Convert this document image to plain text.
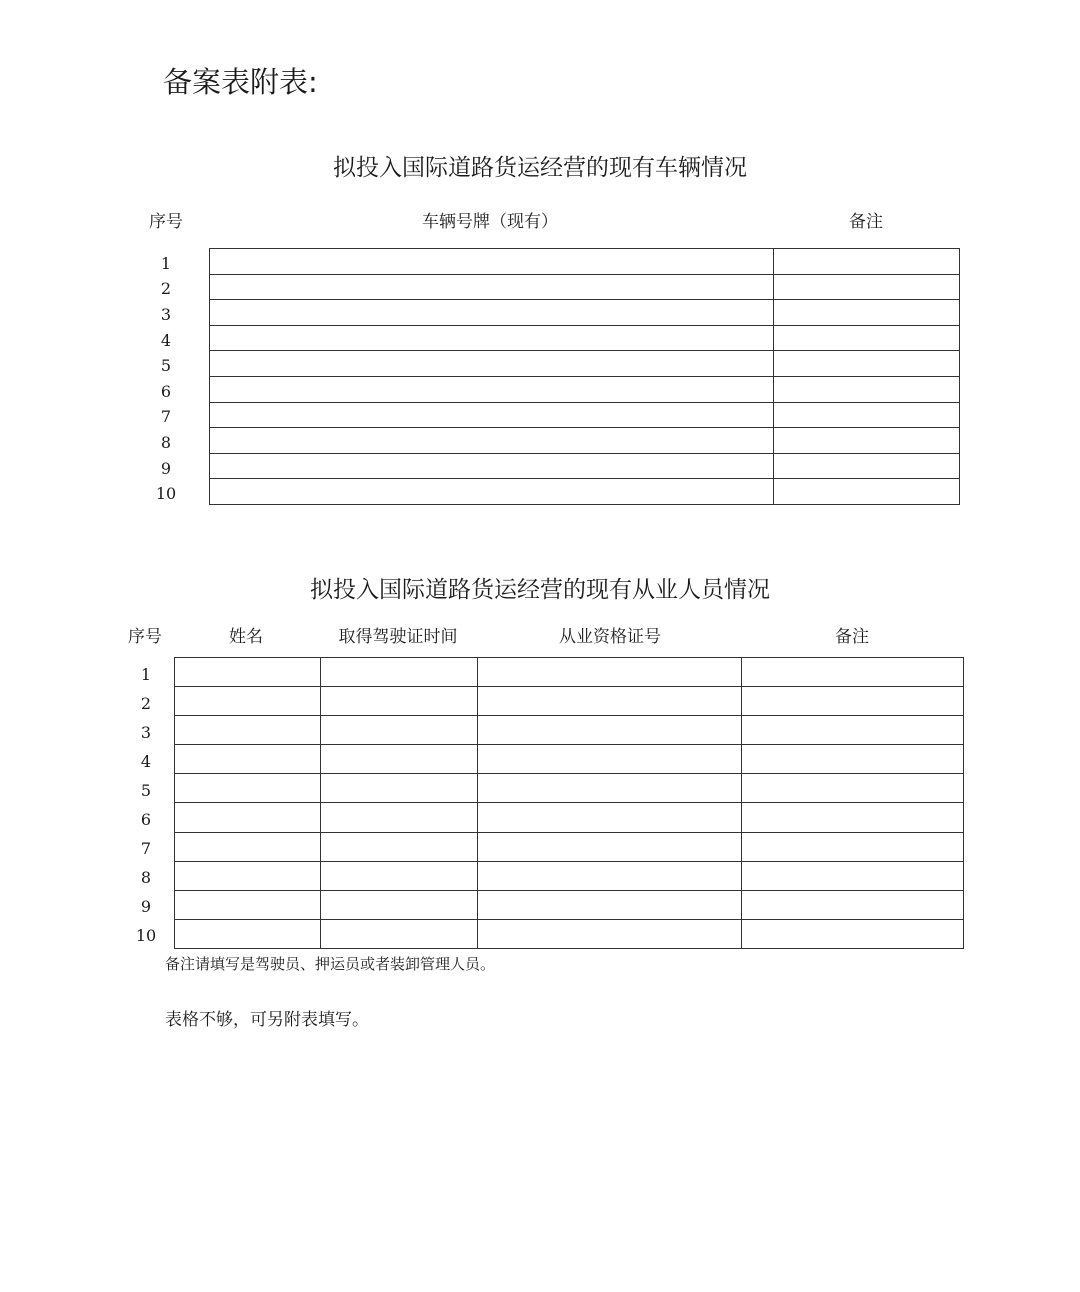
备案表附表:
拟投入国际道路货运经营的现有车辆情况
序号	车辆号牌（现有）	备注
1
2
3
4
5
6
7
8
9
10

拟投入国际道路货运经营的现有从业人员情况
序号	姓名	取得驾驶证时间	从业资格证号	备注
1
2
3
4
5
6
7
8
9
10

备注请填写是驾驶员、押运员或者装卸管理人员。
表格不够，可另附表填写。
